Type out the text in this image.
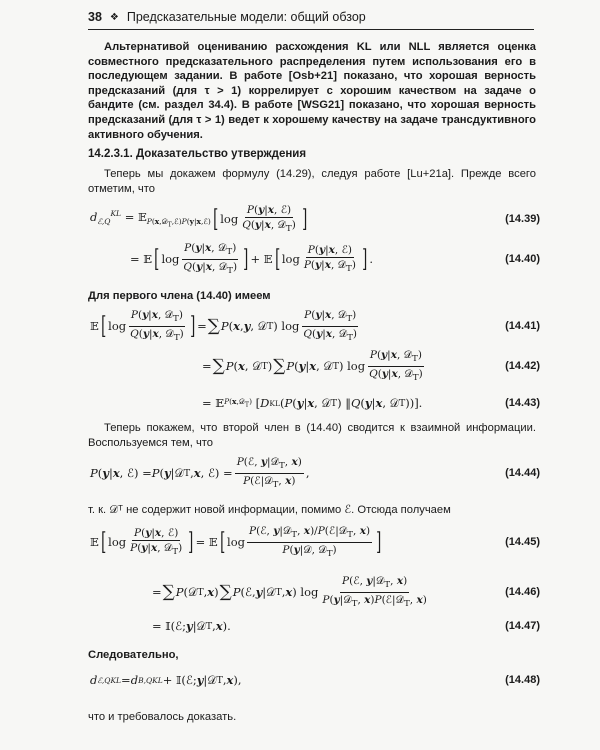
38 ❖ Предсказательные модели: общий обзор
Альтернативой оцениванию расхождения KL или NLL является оценка совместного предсказательного распределения путем использования его в последующем задании. В работе [Osb+21] показано, что хорошая верность предсказаний (для τ > 1) коррелирует с хорошим качеством на задаче о бандите (см. раздел 34.4). В работе [WSG21] показано, что хорошая верность предсказаний (для τ > 1) ведет к хорошему качеству на задаче трансдуктивного активного обучения.
14.2.3.1. Доказательство утверждения
Теперь мы докажем формулу (14.29), следуя работе [Lu+21a]. Прежде всего отметим, что
$d_{ℰ,Q}^{KL}$ = 𝔼$_{P(x,𝒟_T,ℰ)P(y|x,ℰ)}$ [ $\log \frac{\text{P(y|x, ℰ)}}{Q(y|x, 𝒟_T)}$ ]	(14.39)
= 𝔼 [ $\log \frac{P(y|x, 𝒟_T)}{Q(y|x, 𝒟_T)}$ ] + 𝔼 [ $\log \frac{\text{P(y|x, ℰ)}}{P(y|x, 𝒟_T)}$ ] .	(14.40)
Для первого члена (14.40) имеем
𝔼 [ $\log \frac{P(y|x, 𝒟_T)}{Q(y|x, 𝒟_T)}$ ] = ∑ P ( x , y , 𝒟 T ) $\log \frac{P(y|x, 𝒟_T)}{Q(y|x, 𝒟_T)}$	(14.41)
= ∑ P ( x , 𝒟 T ) ∑ P ( y | x , 𝒟 T ) $\log \frac{P(y|x, 𝒟_T)}{Q(y|x, 𝒟_T)}$	(14.42)
= 𝔼 P(x,𝒟$_T$) [ D KL ( P ( y | x , 𝒟 T ) ‖ Q ( y | x , 𝒟 T ))].	(14.43)
Теперь покажем, что второй член в (14.40) сводится к взаимной информации. Воспользуемся тем, что
P ( y | x , ℰ) = P ( y |𝒟 T , x , ℰ) = $\frac{P(ℰ, y|𝒟_T, x)}{P(ℰ|𝒟_T, x)}$ ,	(14.44)
т. к. 𝒟ᵀ не содержит новой информации, помимо ℰ. Отсюда получаем
𝔼 [ $\log \frac{\text{P(y|x, ℰ)}}{P(y|x, 𝒟_T)}$ ] = 𝔼 [ $\log \frac{P(ℰ, y|𝒟_T, x)/P(ℰ|𝒟_T, x)}{P(y|𝒟, 𝒟_T)}$ ]	(14.45)
= ∑ P (𝒟 T , x ) ∑ P (ℰ, y |𝒟 T , x ) $\log \frac{P(ℰ, y|𝒟_T, x)}{P(y|𝒟_T, x)P(ℰ|𝒟_T, x)}$	(14.46)
= 𝕀(ℰ; y |𝒟 T , x ).	(14.47)
Следовательно,
d ℰ,Q KL = d B,Q KL + 𝕀(ℰ; y |𝒟 T , x ),	(14.48)
что и требовалось доказать.
